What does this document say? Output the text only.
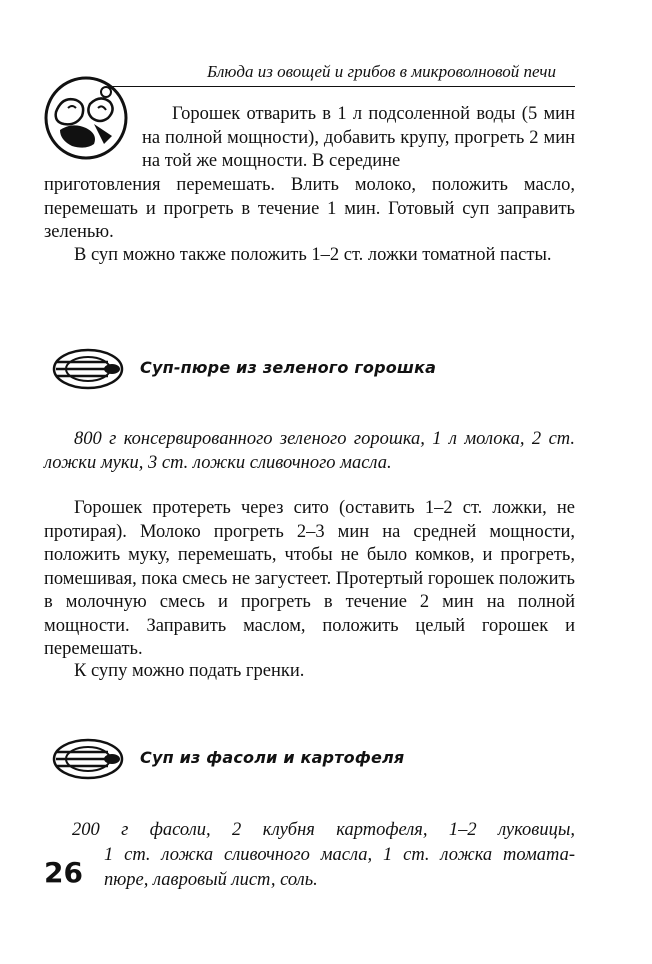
Блюда из овощей и грибов в микроволновой печи

Горошек отварить в 1 л подсоленной воды (5 мин на полной мощности), добавить крупу, прогреть 2 мин на той же мощности. В середине

приготовления перемешать. Влить молоко, положить масло, перемешать и прогреть в течение 1 мин. Готовый суп заправить зеленью.

В суп можно также положить 1–2 ст. ложки томатной пасты.

Суп-пюре из зеленого горошка

800 г консервированного зеленого горошка, 1 л молока, 2 ст. ложки муки, 3 ст. ложки сливочного масла.

Горошек протереть через сито (оставить 1–2 ст. ложки, не протирая). Молоко прогреть 2–3 мин на средней мощности, положить муку, перемешать, чтобы не было комков, и прогреть, помешивая, пока смесь не загустеет. Протертый горошек положить в молочную смесь и прогреть в течение 2 мин на полной мощности. Заправить маслом, положить целый горошек и перемешать.

К супу можно подать гренки.

Суп из фасоли и картофеля
200 г фасоли, 2 клубня картофеля, 1–2 луковицы,
1 ст. ложка сливочного масла, 1 ст. ложка томата-
пюре, лавровый лист, соль.
26
